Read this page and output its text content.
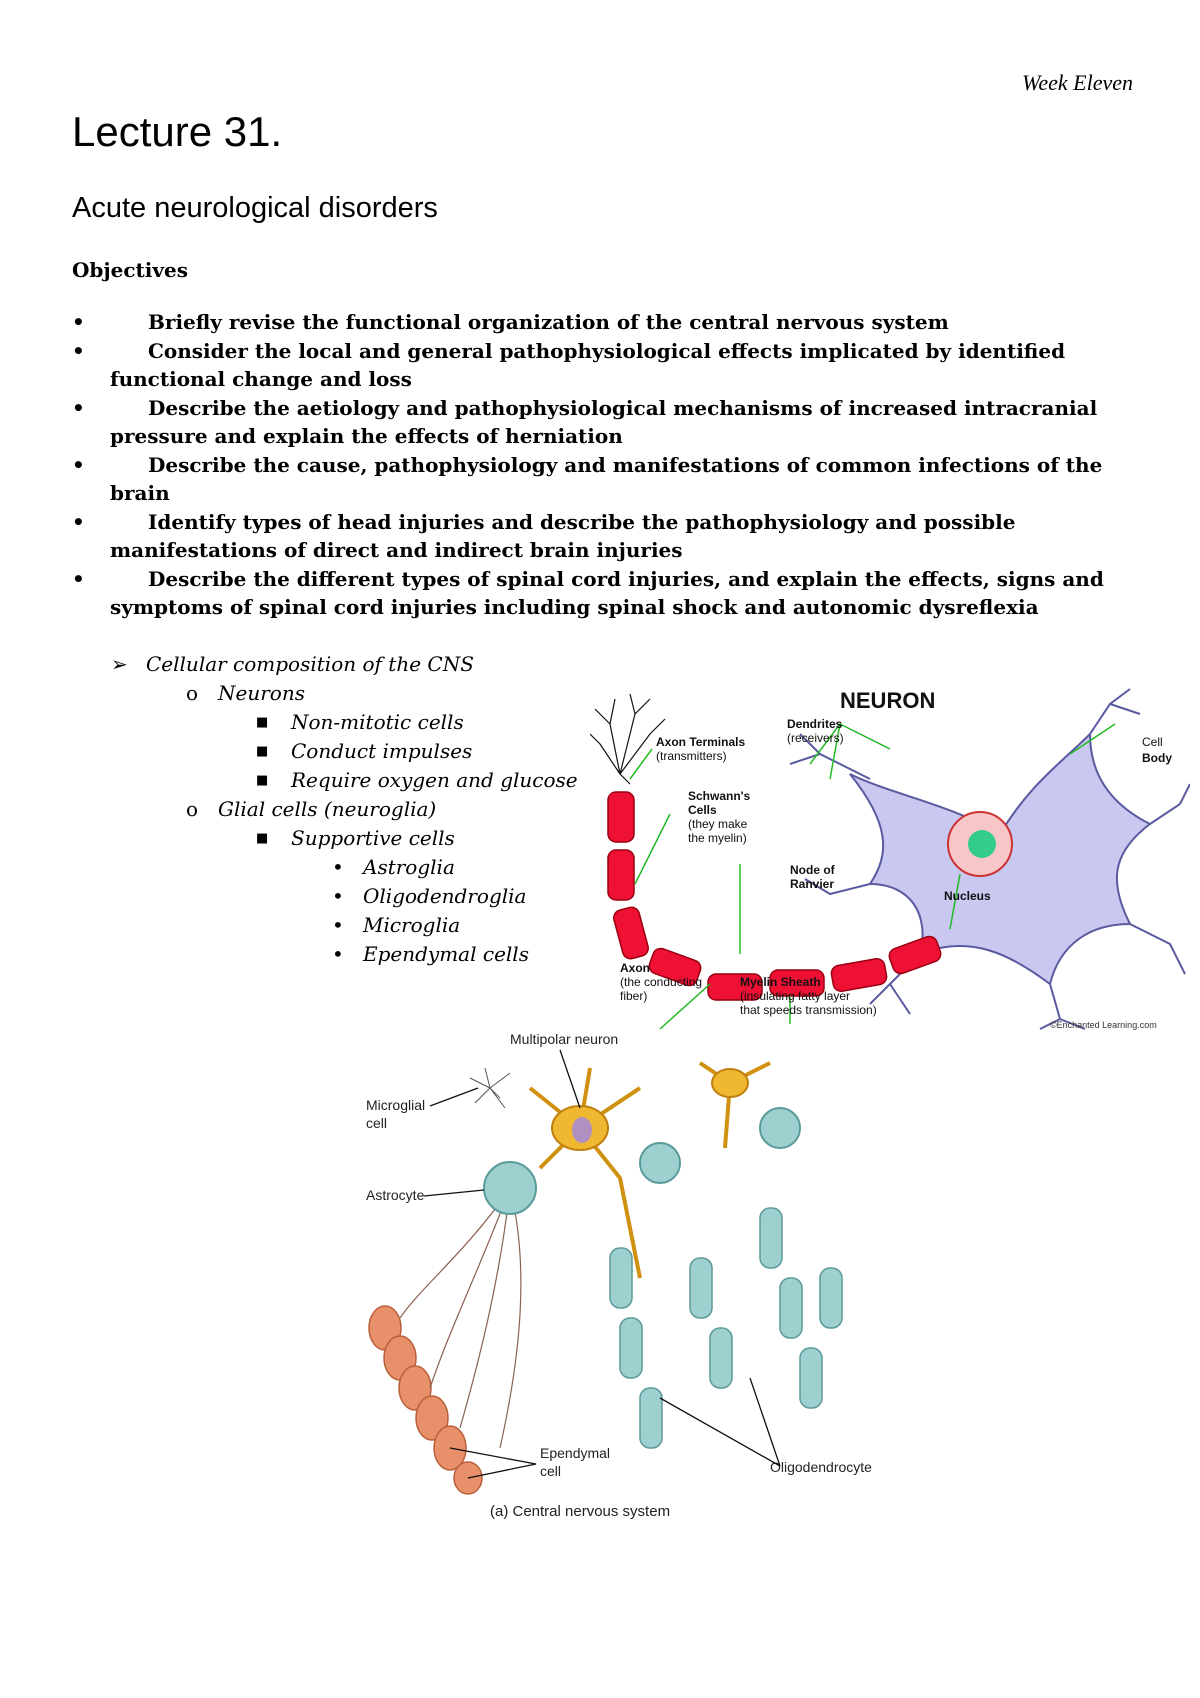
Week Eleven
Lecture 31.
Acute neurological disorders
Objectives
•	Briefly revise the functional organization of the central nervous system
•	Consider the local and general pathophysiological effects implicated by identified functional change and loss
•	Describe the aetiology and pathophysiological mechanisms of increased intracranial pressure and explain the effects of herniation
•	Describe the cause, pathophysiology and manifestations of common infections of the brain
•	Identify types of head injuries and describe the pathophysiology and possible manifestations of direct and indirect brain injuries
•	Describe the different types of spinal cord injuries, and explain the effects, signs and symptoms of spinal cord injuries including spinal shock and autonomic dysreflexia
➢ Cellular composition of the CNS
o Neurons
■ Non-mitotic cells
■ Conduct impulses
■ Require oxygen and glucose
o Glial cells (neuroglia)
■ Supportive cells
• Astroglia
• Oligodendroglia
• Microglia
• Ependymal cells
NEURON
Dendrites
(receivers)	Cell
Body
Axon Terminals
(transmitters)
Schwann's
Cells
(they make
the myelin)
Node of
Ranvier
Nucleus
Axon
(the conducting
fiber)
Myelin Sheath
(insulating fatty layer
that speeds transmission)
©Enchanted Learning.com
Multipolar neuron
Microglial
cell
Astrocyte
Ependymal
cell	Oligodendrocyte
(a) Central nervous system
